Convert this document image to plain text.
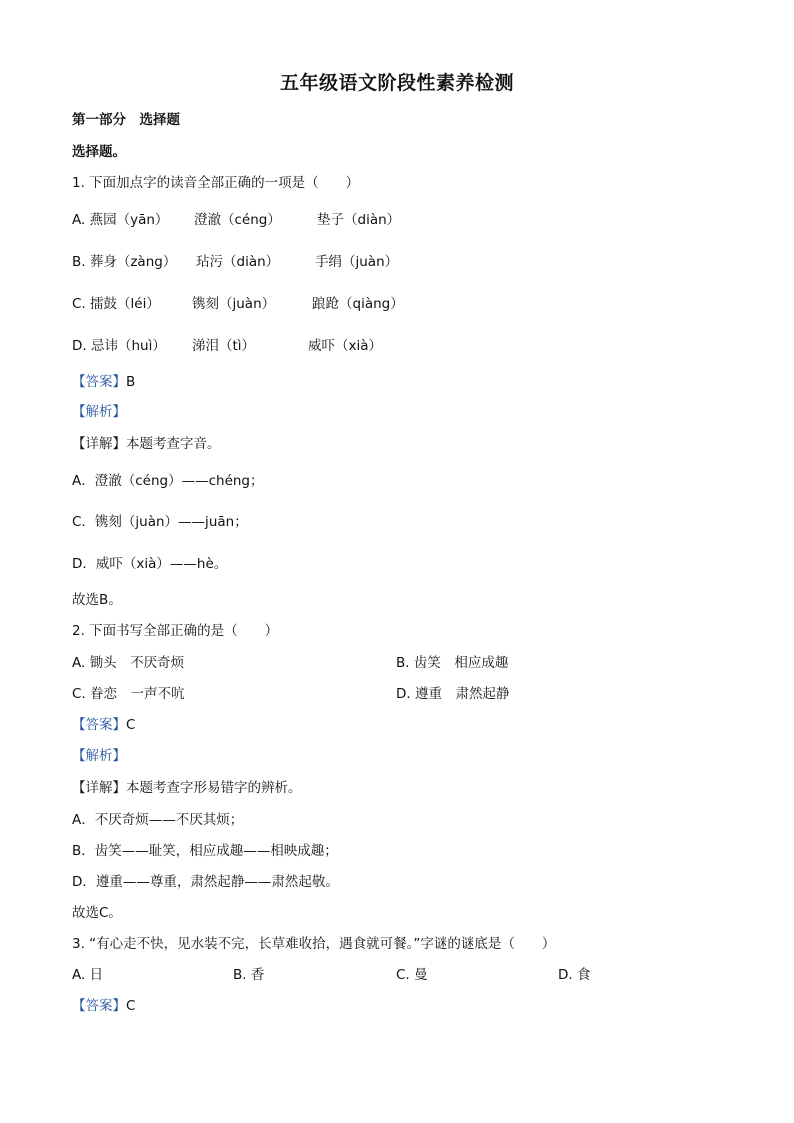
五年级语文阶段性素养检测
第一部分　选择题
选择题。
1. 下面加点字的读音全部正确的一项是（　　）
A. 燕园（yān） 澄澈（céng）	垫子（diàn）
B. 葬身（zàng） 玷污（diàn）	手绢（juàn）
C. 擂鼓（léi） 镌刻（juàn）	踉跄（qiàng）
D. 忌讳（huì） 涕泪（tì）	威吓（xià）
【答案】B
【解析】
【详解】本题考查字音。
A．澄澈（céng）——chéng；
C．镌刻（juàn）——juān；
D．威吓（xià）——hè。
故选B。
2. 下面书写全部正确的是（　　）
A. 锄头　不厌奇烦	B. 齿笑　相应成趣
C. 眷恋　一声不吭	D. 遵重　肃然起静
【答案】C
【解析】
【详解】本题考查字形易错字的辨析。
A．不厌奇烦——不厌其烦；
B．齿笑——耻笑，相应成趣——相映成趣；
D．遵重——尊重，肃然起静——肃然起敬。
故选C。
3. “有心走不快，见水装不完，长草难收拾，遇食就可餐。”字谜的谜底是（　　）
A. 日	B. 香	C. 曼	D. 食
【答案】C
